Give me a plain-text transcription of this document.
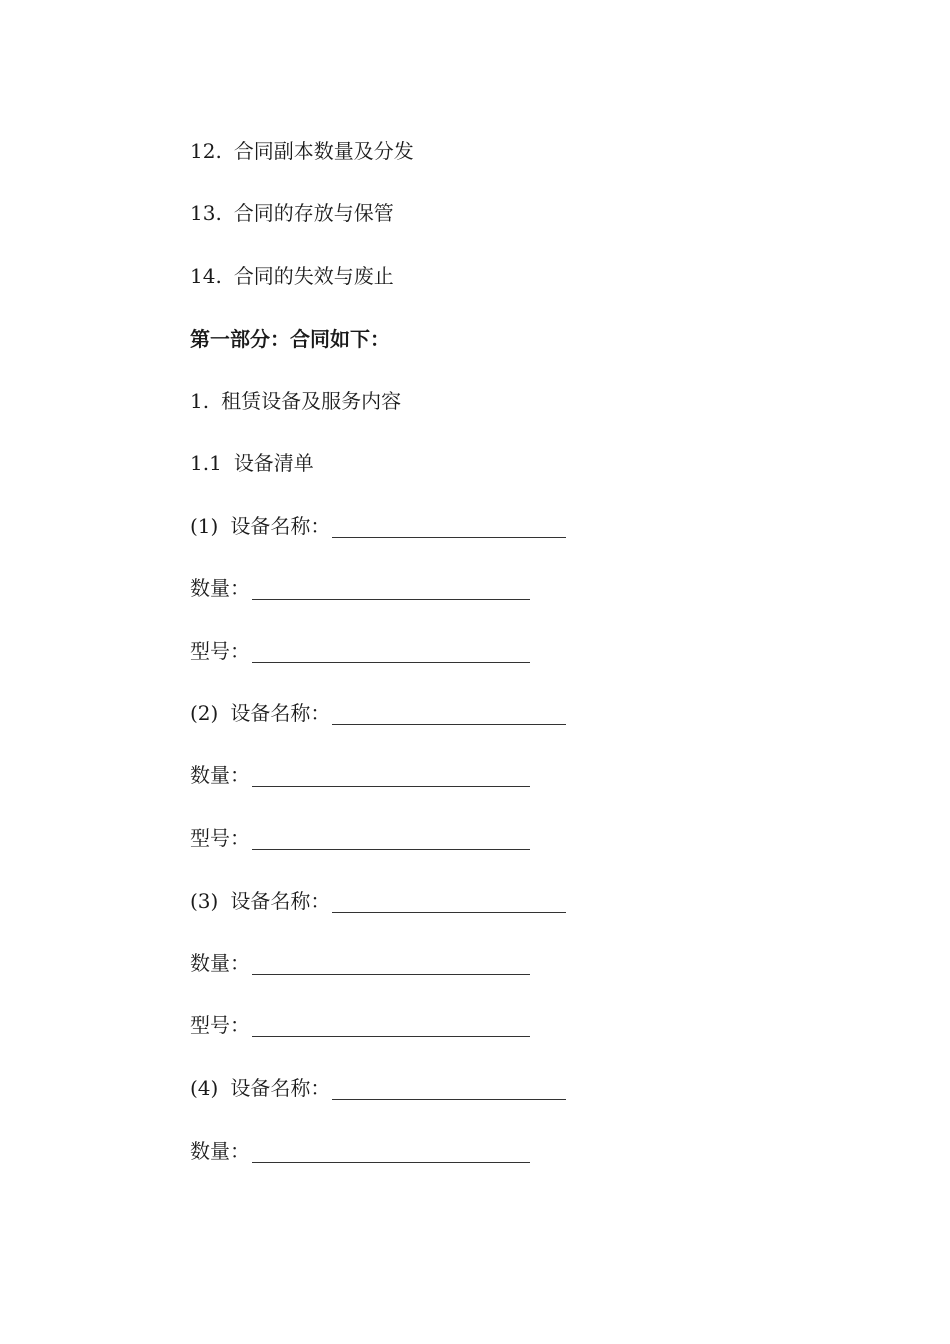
12. 合同副本数量及分发
13. 合同的存放与保管
14. 合同的失效与废止
第一部分：合同如下：
1. 租赁设备及服务内容
1.1 设备清单
(1) 设备名称：
数量：
型号：
(2) 设备名称：
数量：
型号：
(3) 设备名称：
数量：
型号：
(4) 设备名称：
数量：
